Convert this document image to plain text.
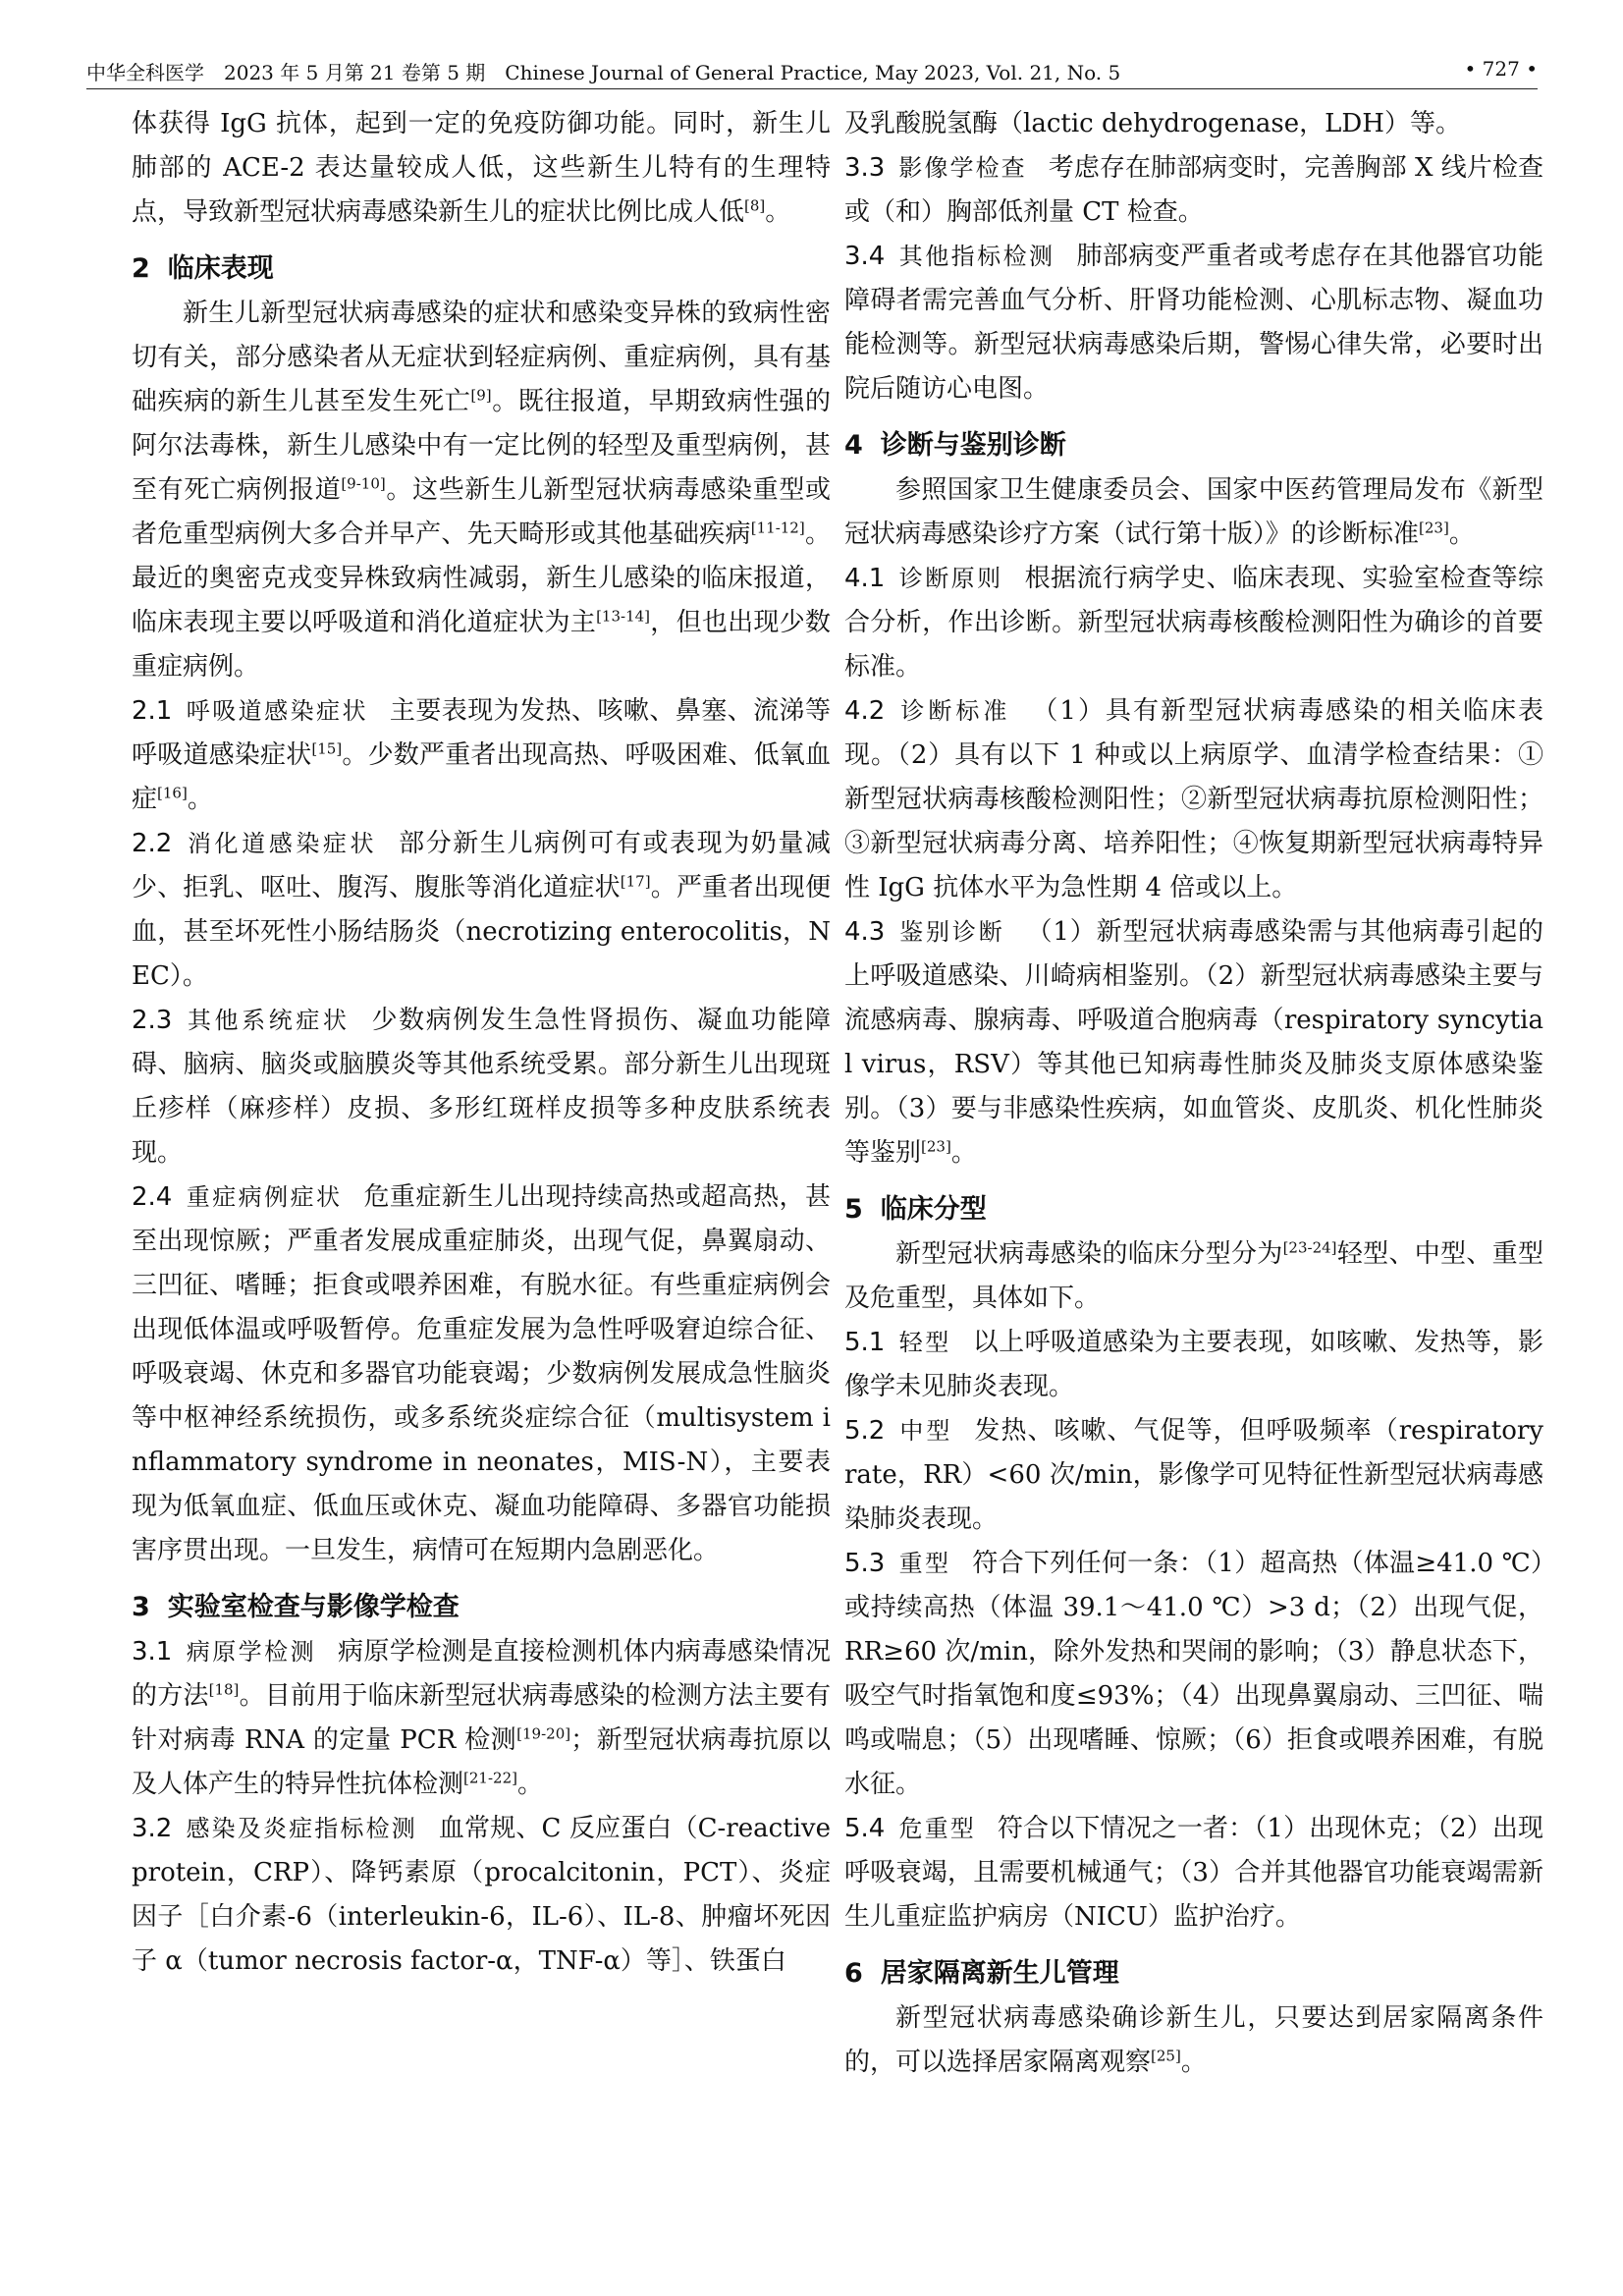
中华全科医学　2023 年 5 月第 21 卷第 5 期　Chinese Journal of General Practice, May 2023, Vol. 21, No. 5	• 727 •

体获得 IgG 抗体，起到一定的免疫防御功能。同时，新生儿肺部的 ACE-2 表达量较成人低，这些新生儿特有的生理特点，导致新型冠状病毒感染新生儿的症状比例比成人低[8]。

2 临床表现

新生儿新型冠状病毒感染的症状和感染变异株的致病性密切有关，部分感染者从无症状到轻症病例、重症病例，具有基础疾病的新生儿甚至发生死亡[9]。既往报道，早期致病性强的阿尔法毒株，新生儿感染中有一定比例的轻型及重型病例，甚至有死亡病例报道[9-10]。这些新生儿新型冠状病毒感染重型或者危重型病例大多合并早产、先天畸形或其他基础疾病[11-12]。最近的奥密克戎变异株致病性减弱，新生儿感染的临床报道，临床表现主要以呼吸道和消化道症状为主[13-14]，但也出现少数重症病例。

2.1 呼吸道感染症状 主要表现为发热、咳嗽、鼻塞、流涕等呼吸道感染症状[15]。少数严重者出现高热、呼吸困难、低氧血症[16]。

2.2 消化道感染症状 部分新生儿病例可有或表现为奶量减少、拒乳、呕吐、腹泻、腹胀等消化道症状[17]。严重者出现便血，甚至坏死性小肠结肠炎（necrotizing enterocolitis，NEC）。

2.3 其他系统症状 少数病例发生急性肾损伤、凝血功能障碍、脑病、脑炎或脑膜炎等其他系统受累。部分新生儿出现斑丘疹样（麻疹样）皮损、多形红斑样皮损等多种皮肤系统表现。

2.4 重症病例症状 危重症新生儿出现持续高热或超高热，甚至出现惊厥；严重者发展成重症肺炎，出现气促，鼻翼扇动、三凹征、嗜睡；拒食或喂养困难，有脱水征。有些重症病例会出现低体温或呼吸暂停。危重症发展为急性呼吸窘迫综合征、呼吸衰竭、休克和多器官功能衰竭；少数病例发展成急性脑炎等中枢神经系统损伤，或多系统炎症综合征（multisystem inflammatory syndrome in neonates，MIS-N），主要表现为低氧血症、低血压或休克、凝血功能障碍、多器官功能损害序贯出现。一旦发生，病情可在短期内急剧恶化。

3 实验室检查与影像学检查

3.1 病原学检测 病原学检测是直接检测机体内病毒感染情况的方法[18]。目前用于临床新型冠状病毒感染的检测方法主要有针对病毒 RNA 的定量 PCR 检测[19-20]；新型冠状病毒抗原以及人体产生的特异性抗体检测[21-22]。

3.2 感染及炎症指标检测 血常规、C 反应蛋白（C-reactive protein，CRP）、降钙素原（procalcitonin，PCT）、炎症因子［白介素-6（interleukin-6，IL-6）、IL-8、肿瘤坏死因子 α（tumor necrosis factor-α，TNF-α）等］、铁蛋白

及乳酸脱氢酶（lactic dehydrogenase，LDH）等。

3.3 影像学检查 考虑存在肺部病变时，完善胸部 X 线片检查或（和）胸部低剂量 CT 检查。

3.4 其他指标检测 肺部病变严重者或考虑存在其他器官功能障碍者需完善血气分析、肝肾功能检测、心肌标志物、凝血功能检测等。新型冠状病毒感染后期，警惕心律失常，必要时出院后随访心电图。

4 诊断与鉴别诊断

参照国家卫生健康委员会、国家中医药管理局发布《新型冠状病毒感染诊疗方案（试行第十版）》的诊断标准[23]。

4.1 诊断原则 根据流行病学史、临床表现、实验室检查等综合分析，作出诊断。新型冠状病毒核酸检测阳性为确诊的首要标准。

4.2 诊断标准 （1）具有新型冠状病毒感染的相关临床表现。（2）具有以下 1 种或以上病原学、血清学检查结果：①新型冠状病毒核酸检测阳性；②新型冠状病毒抗原检测阳性；③新型冠状病毒分离、培养阳性；④恢复期新型冠状病毒特异性 IgG 抗体水平为急性期 4 倍或以上。

4.3 鉴别诊断 （1）新型冠状病毒感染需与其他病毒引起的上呼吸道感染、川崎病相鉴别。（2）新型冠状病毒感染主要与流感病毒、腺病毒、呼吸道合胞病毒（respiratory syncytial virus，RSV）等其他已知病毒性肺炎及肺炎支原体感染鉴别。（3）要与非感染性疾病，如血管炎、皮肌炎、机化性肺炎等鉴别[23]。

5 临床分型

新型冠状病毒感染的临床分型分为[23-24]轻型、中型、重型及危重型，具体如下。

5.1 轻型 以上呼吸道感染为主要表现，如咳嗽、发热等，影像学未见肺炎表现。

5.2 中型 发热、咳嗽、气促等，但呼吸频率（respiratory rate，RR）<60 次/min，影像学可见特征性新型冠状病毒感染肺炎表现。

5.3 重型 符合下列任何一条：（1）超高热（体温≥41.0 ℃）或持续高热（体温 39.1～41.0 ℃）>3 d；（2）出现气促，RR≥60 次/min，除外发热和哭闹的影响；（3）静息状态下，吸空气时指氧饱和度≤93%；（4）出现鼻翼扇动、三凹征、喘鸣或喘息；（5）出现嗜睡、惊厥；（6）拒食或喂养困难，有脱水征。

5.4 危重型 符合以下情况之一者：（1）出现休克；（2）出现呼吸衰竭，且需要机械通气；（3）合并其他器官功能衰竭需新生儿重症监护病房（NICU）监护治疗。

6 居家隔离新生儿管理

新型冠状病毒感染确诊新生儿，只要达到居家隔离条件的，可以选择居家隔离观察[25]。
